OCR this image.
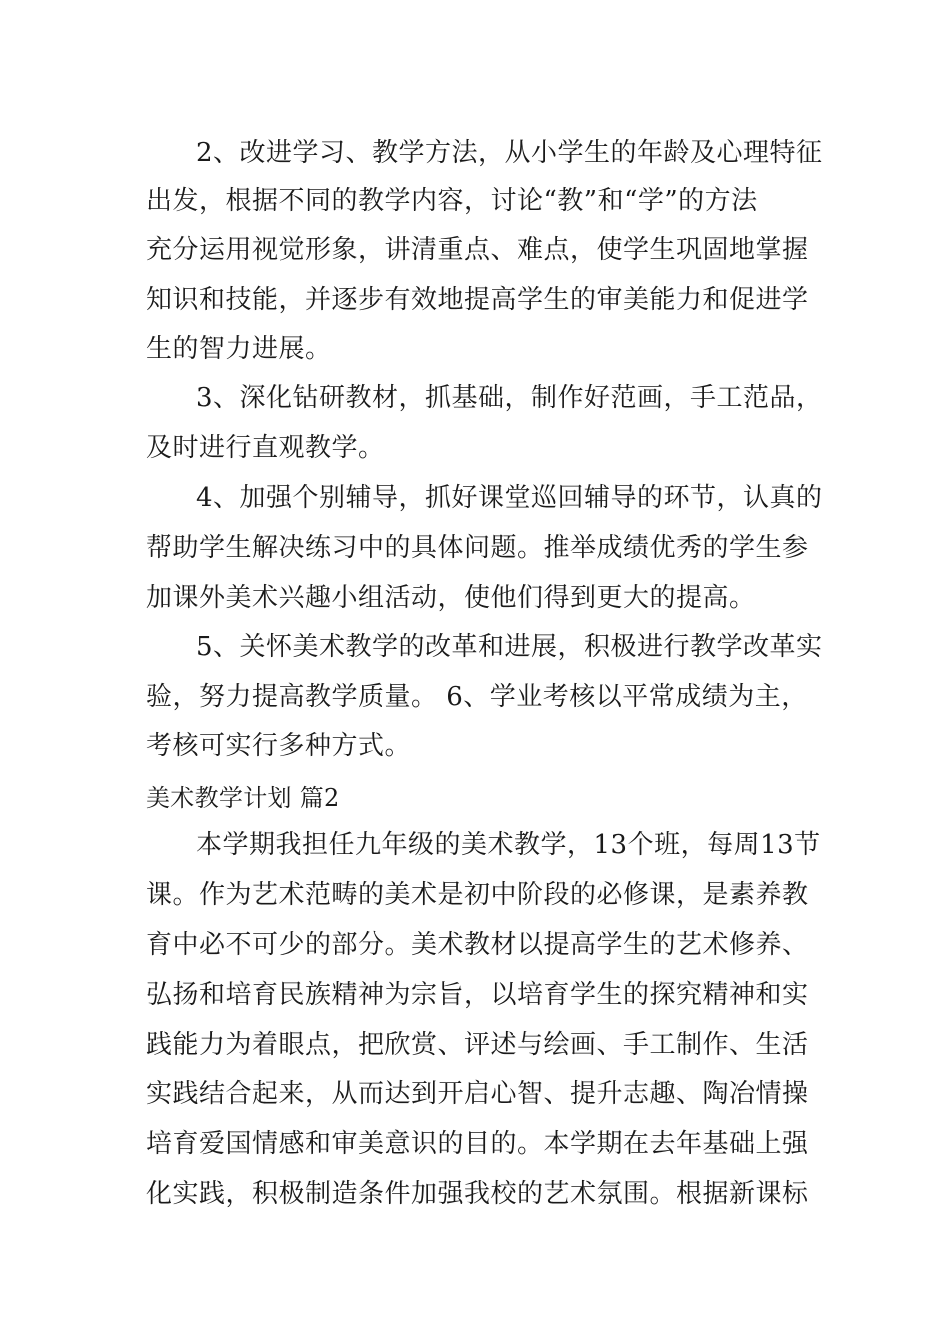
2、改进学习、教学方法，从小学生的年龄及心理特征
出发，根据不同的教学内容，讨论“教”和“学”的方法
充分运用视觉形象，讲清重点、难点，使学生巩固地掌握
知识和技能，并逐步有效地提高学生的审美能力和促进学
生的智力进展。
3、深化钻研教材，抓基础，制作好范画，手工范品，
及时进行直观教学。
4、加强个别辅导，抓好课堂巡回辅导的环节，认真的
帮助学生解决练习中的具体问题。推举成绩优秀的学生参
加课外美术兴趣小组活动，使他们得到更大的提高。
5、关怀美术教学的改革和进展，积极进行教学改革实
验，努力提高教学质量。 6、学业考核以平常成绩为主，
考核可实行多种方式。
美术教学计划 篇2
本学期我担任九年级的美术教学，13个班，每周13节
课。作为艺术范畴的美术是初中阶段的必修课，是素养教
育中必不可少的部分。美术教材以提高学生的艺术修养、
弘扬和培育民族精神为宗旨，以培育学生的探究精神和实
践能力为着眼点，把欣赏、评述与绘画、手工制作、生活
实践结合起来，从而达到开启心智、提升志趣、陶冶情操
培育爱国情感和审美意识的目的。本学期在去年基础上强
化实践，积极制造条件加强我校的艺术氛围。根据新课标
